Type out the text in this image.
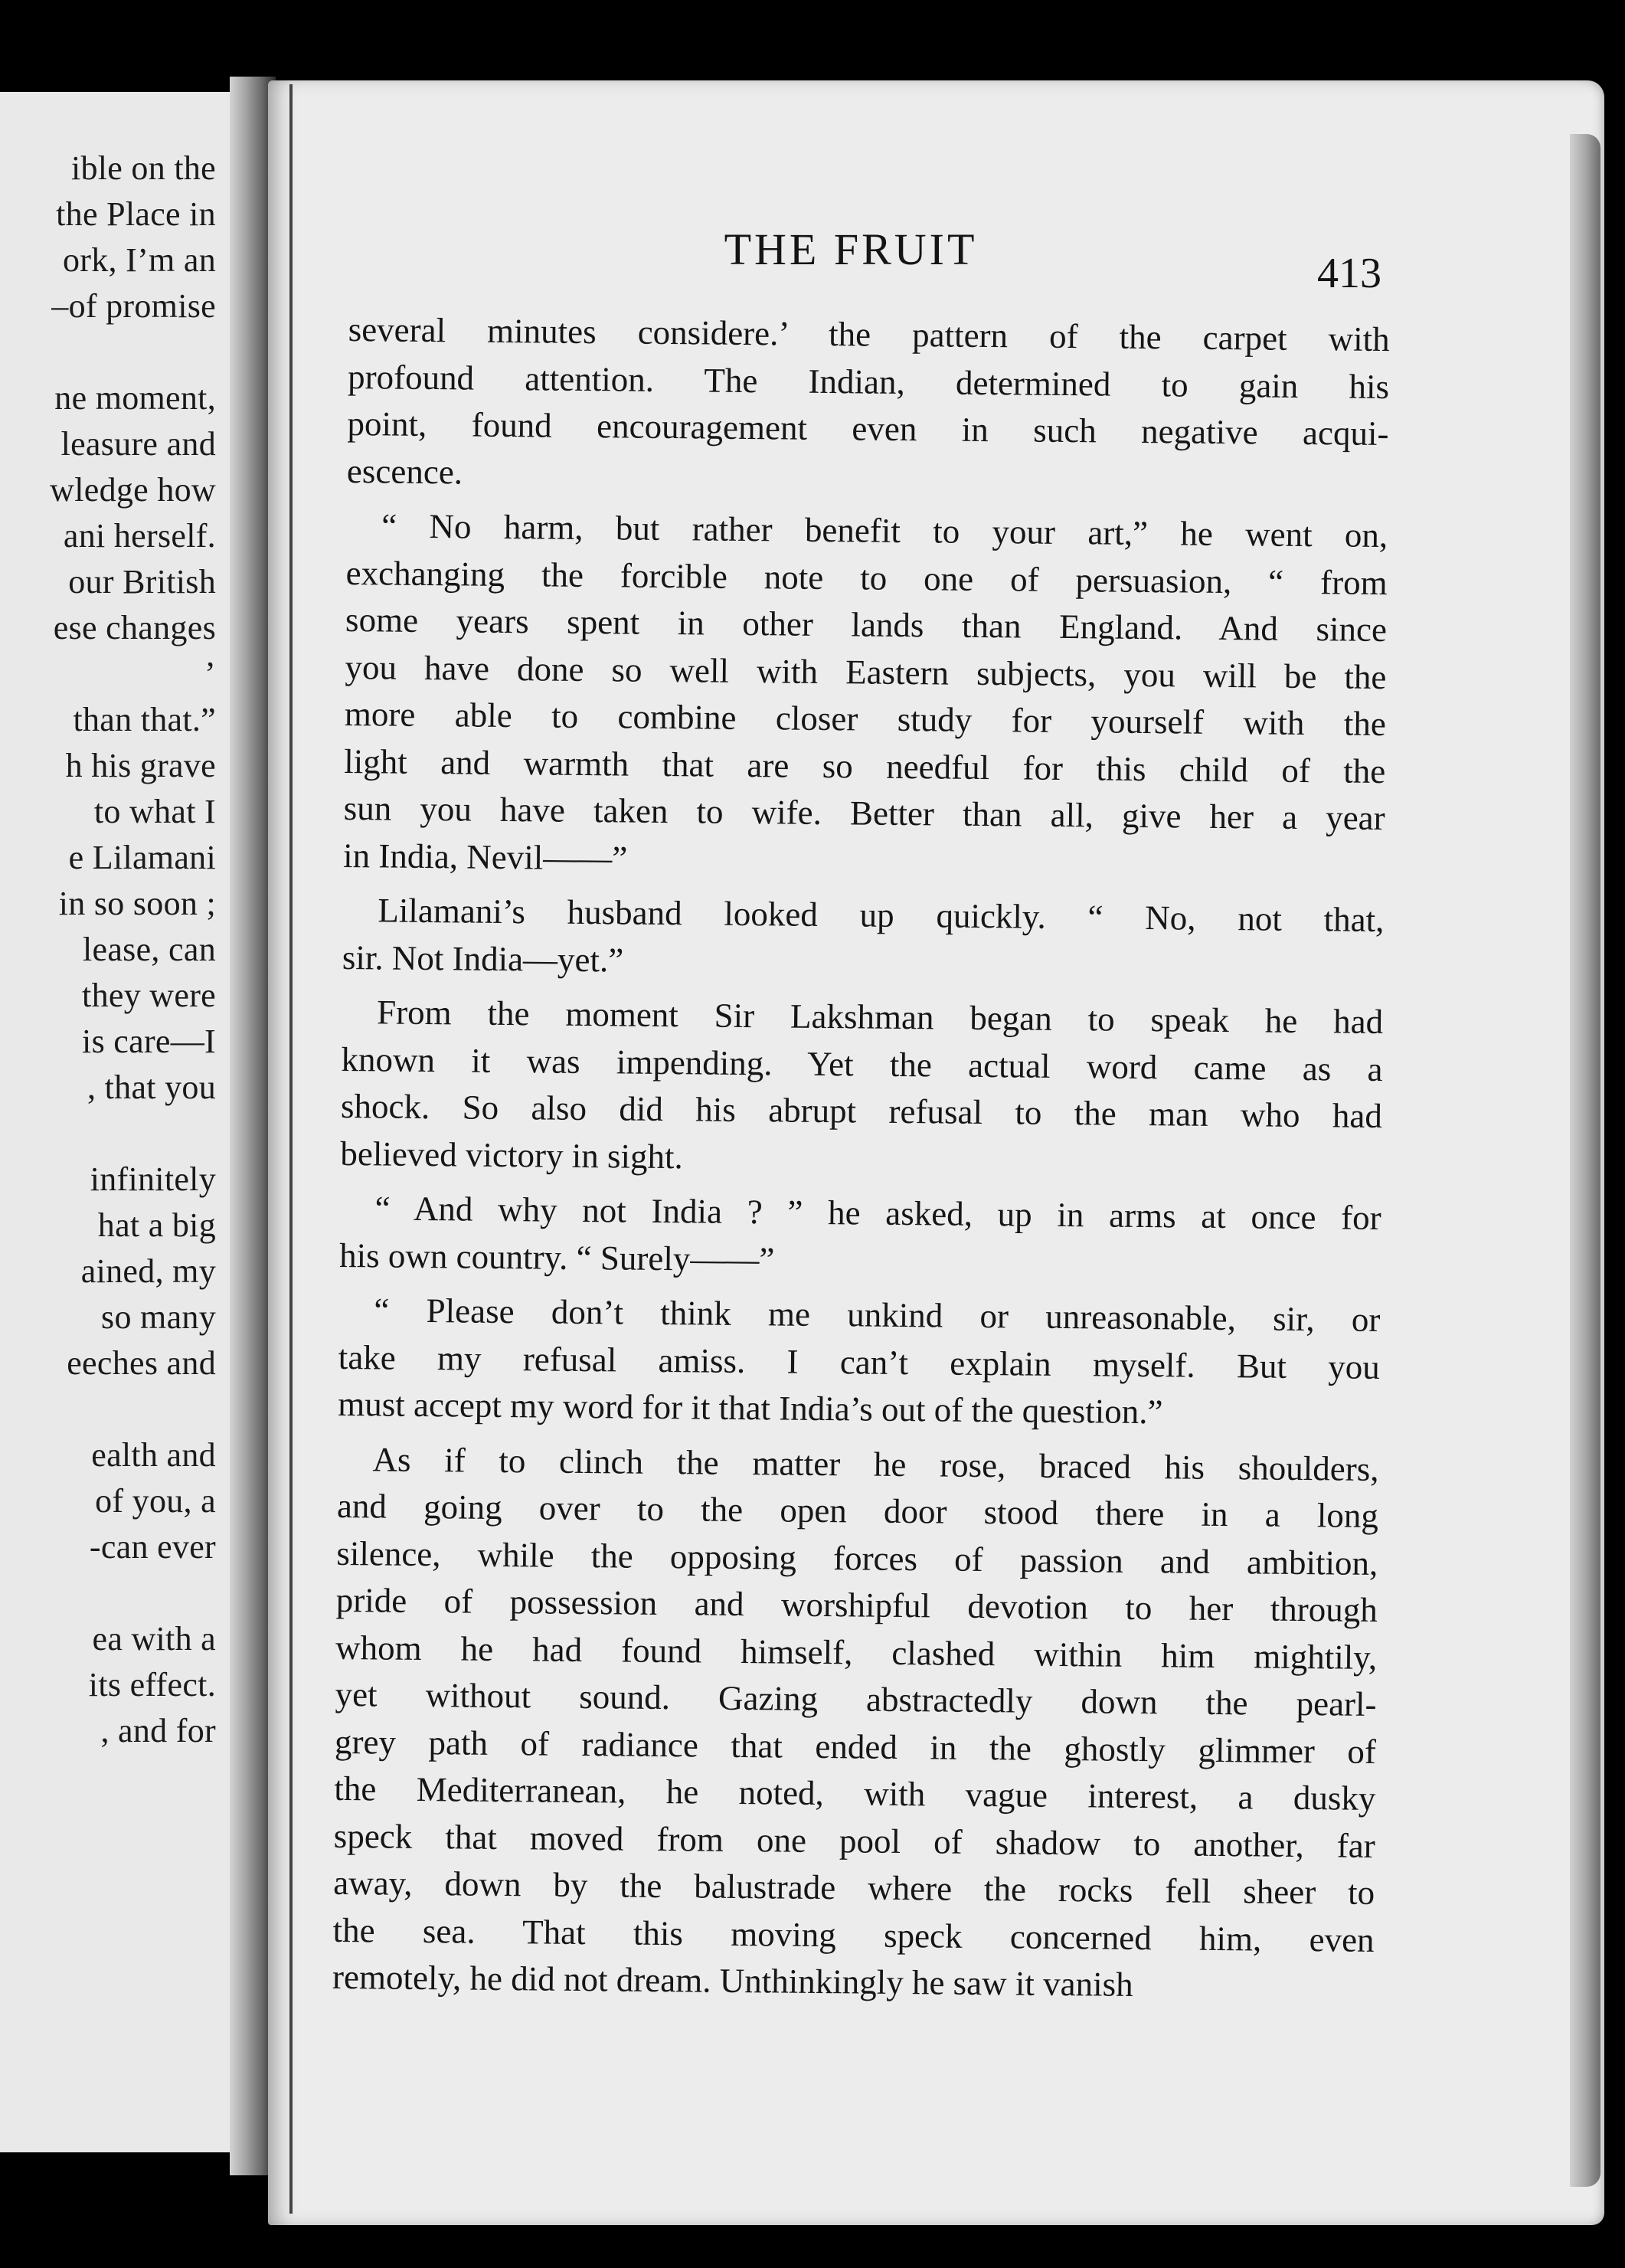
ible on the
the Place in
ork, I’m an
–of promise
ne moment,
leasure and
wledge how
ani herself.
our British
ese changes
’
than that.”
h his grave
to what I
e Lilamani
in so soon ;
lease, can
they were
is care—I
, that you
infinitely
hat a big
ained, my
so many
eeches and
ealth and
of you, a
-can ever
ea with a
its effect.
, and for
THE FRUIT	413
several minutes considere.’ the pattern of the carpet with
profound attention. The Indian, determined to gain his
point, found encouragement even in such negative acqui-
escence.
“ No harm, but rather benefit to your art,” he went on,
exchanging the forcible note to one of persuasion, “ from
some years spent in other lands than England. And since
you have done so well with Eastern subjects, you will be the
more able to combine closer study for yourself with the
light and warmth that are so needful for this child of the
sun you have taken to wife. Better than all, give her a year
in India, Nevil——”
Lilamani’s husband looked up quickly. “ No, not that,
sir. Not India—yet.”
From the moment Sir Lakshman began to speak he had
known it was impending. Yet the actual word came as a
shock. So also did his abrupt refusal to the man who had
believed victory in sight.
“ And why not India ? ” he asked, up in arms at once for
his own country. “ Surely——”
“ Please don’t think me unkind or unreasonable, sir, or
take my refusal amiss. I can’t explain myself. But you
must accept my word for it that India’s out of the question.”
As if to clinch the matter he rose, braced his shoulders,
and going over to the open door stood there in a long
silence, while the opposing forces of passion and ambition,
pride of possession and worshipful devotion to her through
whom he had found himself, clashed within him mightily,
yet without sound. Gazing abstractedly down the pearl-
grey path of radiance that ended in the ghostly glimmer of
the Mediterranean, he noted, with vague interest, a dusky
speck that moved from one pool of shadow to another, far
away, down by the balustrade where the rocks fell sheer to
the sea. That this moving speck concerned him, even
remotely, he did not dream. Unthinkingly he saw it vanish
